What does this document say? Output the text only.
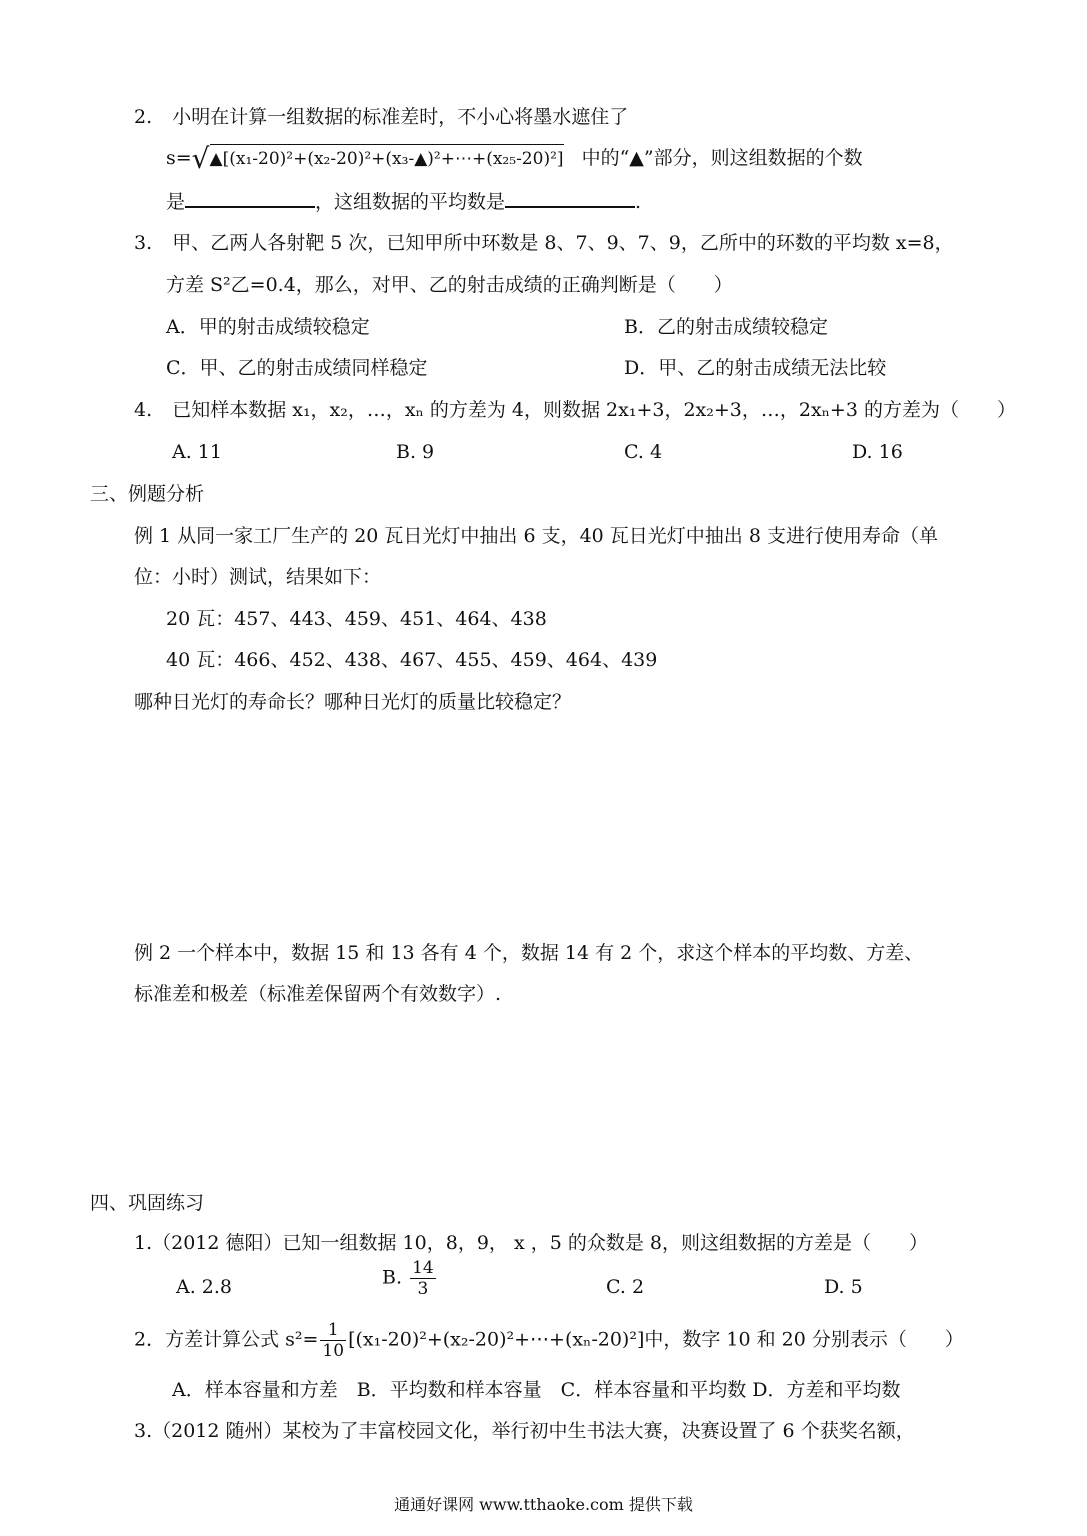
2. 小明在计算一组数据的标准差时，不小心将墨水遮住了
s=√▲[(x₁-20)²+(x₂-20)²+(x₃-▲)²+⋯+(x₂₅-20)²] 中的“▲”部分，则这组数据的个数
是	，这组数据的平均数是	.
3. 甲、乙两人各射靶 5 次，已知甲所中环数是 8、7、9、7、9，乙所中的环数的平均数 x=8，
方差 S²乙=0.4，那么，对甲、乙的射击成绩的正确判断是（　　）
A．甲的射击成绩较稳定	B．乙的射击成绩较稳定
C．甲、乙的射击成绩同样稳定	D．甲、乙的射击成绩无法比较
4. 已知样本数据 x₁，x₂，…，xₙ 的方差为 4，则数据 2x₁+3，2x₂+3，…，2xₙ+3 的方差为（　　）
A. 11	B. 9	C. 4	D. 16
三、例题分析
例 1 从同一家工厂生产的 20 瓦日光灯中抽出 6 支，40 瓦日光灯中抽出 8 支进行使用寿命（单
位：小时）测试，结果如下：
20 瓦：457、443、459、451、464、438
40 瓦：466、452、438、467、455、459、464、439
哪种日光灯的寿命长？哪种日光灯的质量比较稳定？
例 2 一个样本中，数据 15 和 13 各有 4 个，数据 14 有 2 个，求这个样本的平均数、方差、
标准差和极差（标准差保留两个有效数字）.
四、巩固练习
1.（2012 德阳）已知一组数据 10，8，9， x ，5 的众数是 8，则这组数据的方差是（　　）
A. 2.8	B. $\frac{14}{3}$	C. 2	D. 5
2．方差计算公式 $s^2= \frac{1}{10}$ [(x₁-20)²+(x₂-20)²+⋯+(xₙ-20)²]中，数字 10 和 20 分别表示（　　）
A．样本容量和方差　B．平均数和样本容量　C．样本容量和平均数 D．方差和平均数
3.（2012 随州）某校为了丰富校园文化，举行初中生书法大赛，决赛设置了 6 个获奖名额，
通通好课网 www.tthaoke.com 提供下载
